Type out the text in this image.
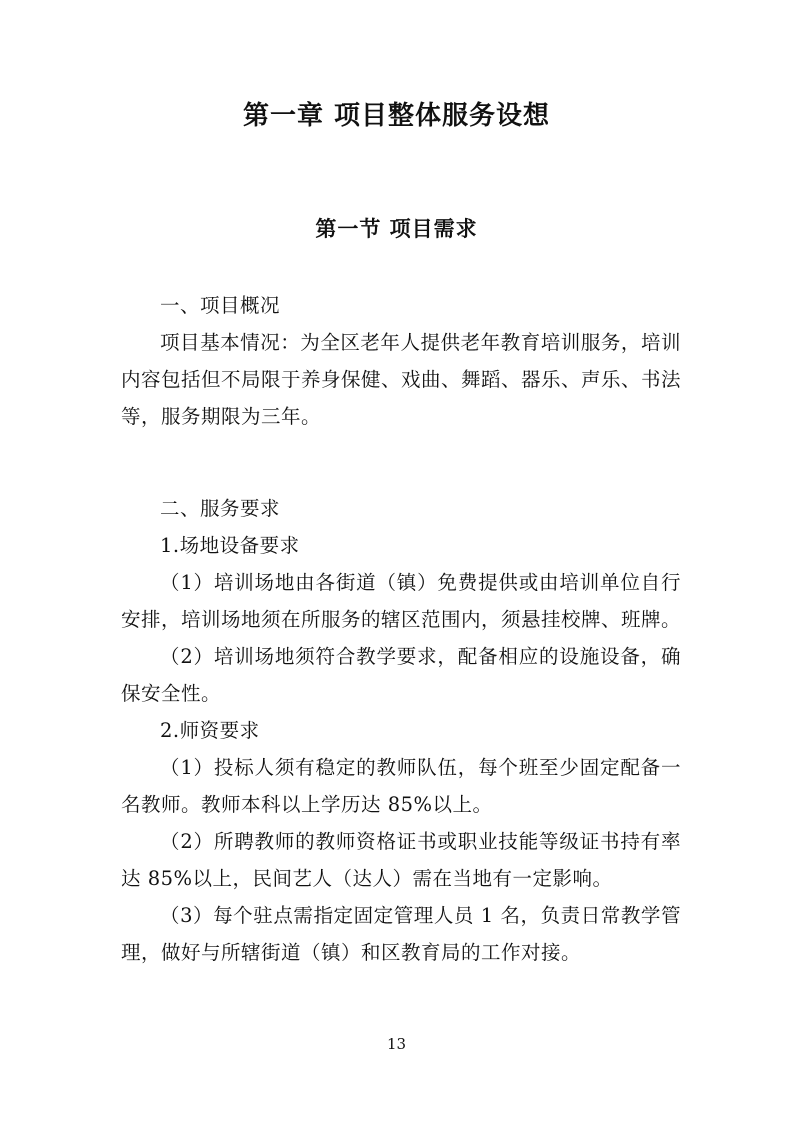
第一章 项目整体服务设想
第一节 项目需求

一、项目概况

项目基本情况：为全区老年人提供老年教育培训服务，培训内容包括但不局限于养身保健、戏曲、舞蹈、器乐、声乐、书法等，服务期限为三年。

二、服务要求

1.场地设备要求

（1）培训场地由各街道（镇）免费提供或由培训单位自行安排，培训场地须在所服务的辖区范围内，须悬挂校牌、班牌。

（2）培训场地须符合教学要求，配备相应的设施设备，确保安全性。

2.师资要求

（1）投标人须有稳定的教师队伍，每个班至少固定配备一名教师。教师本科以上学历达 85%以上。

（2）所聘教师的教师资格证书或职业技能等级证书持有率达 85%以上，民间艺人（达人）需在当地有一定影响。

（3）每个驻点需指定固定管理人员 1 名，负责日常教学管理，做好与所辖街道（镇）和区教育局的工作对接。

13
